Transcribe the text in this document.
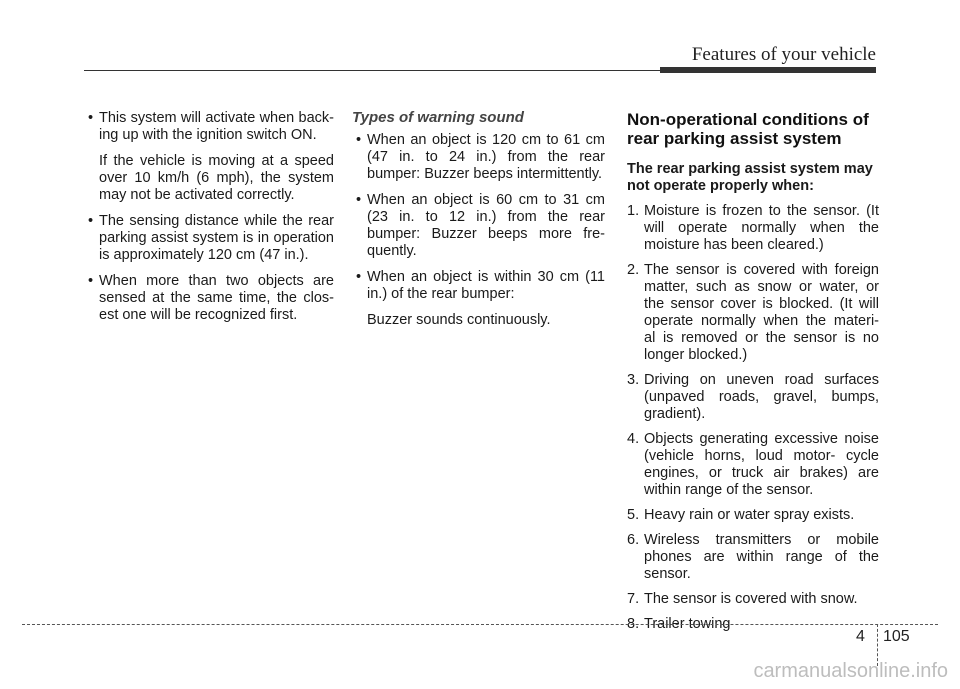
Features of your vehicle
• This system will activate when back- ing up with the ignition switch ON.

If the vehicle is moving at a speed over 10 km/h (6 mph), the system may not be activated correctly.

• The sensing distance while the rear parking assist system is in operation is approximately 120 cm (47 in.).

• When more than two objects are sensed at the same time, the clos- est one will be recognized first.

Types of warning sound
• When an object is 120 cm to 61 cm (47 in. to 24 in.) from the rear bumper: Buzzer beeps intermittently.

• When an object is 60 cm to 31 cm (23 in. to 12 in.) from the rear bumper: Buzzer beeps more fre- quently.

• When an object is within 30 cm (11 in.) of the rear bumper:

Buzzer sounds continuously.

Non-operational conditions of rear parking assist system
The rear parking assist system may not operate properly when:
1. Moisture is frozen to the sensor. (It will operate normally when the moisture has been cleared.)
2. The sensor is covered with foreign matter, such as snow or water, or the sensor cover is blocked. (It will operate normally when the materi- al is removed or the sensor is no longer blocked.)
3. Driving on uneven road surfaces (unpaved roads, gravel, bumps, gradient).
4. Objects generating excessive noise (vehicle horns, loud motor- cycle engines, or truck air brakes) are within range of the sensor.
5. Heavy rain or water spray exists.
6. Wireless transmitters or mobile phones are within range of the sensor.
7. The sensor is covered with snow.
8. Trailer towing
4 105
carmanualsonline.info
